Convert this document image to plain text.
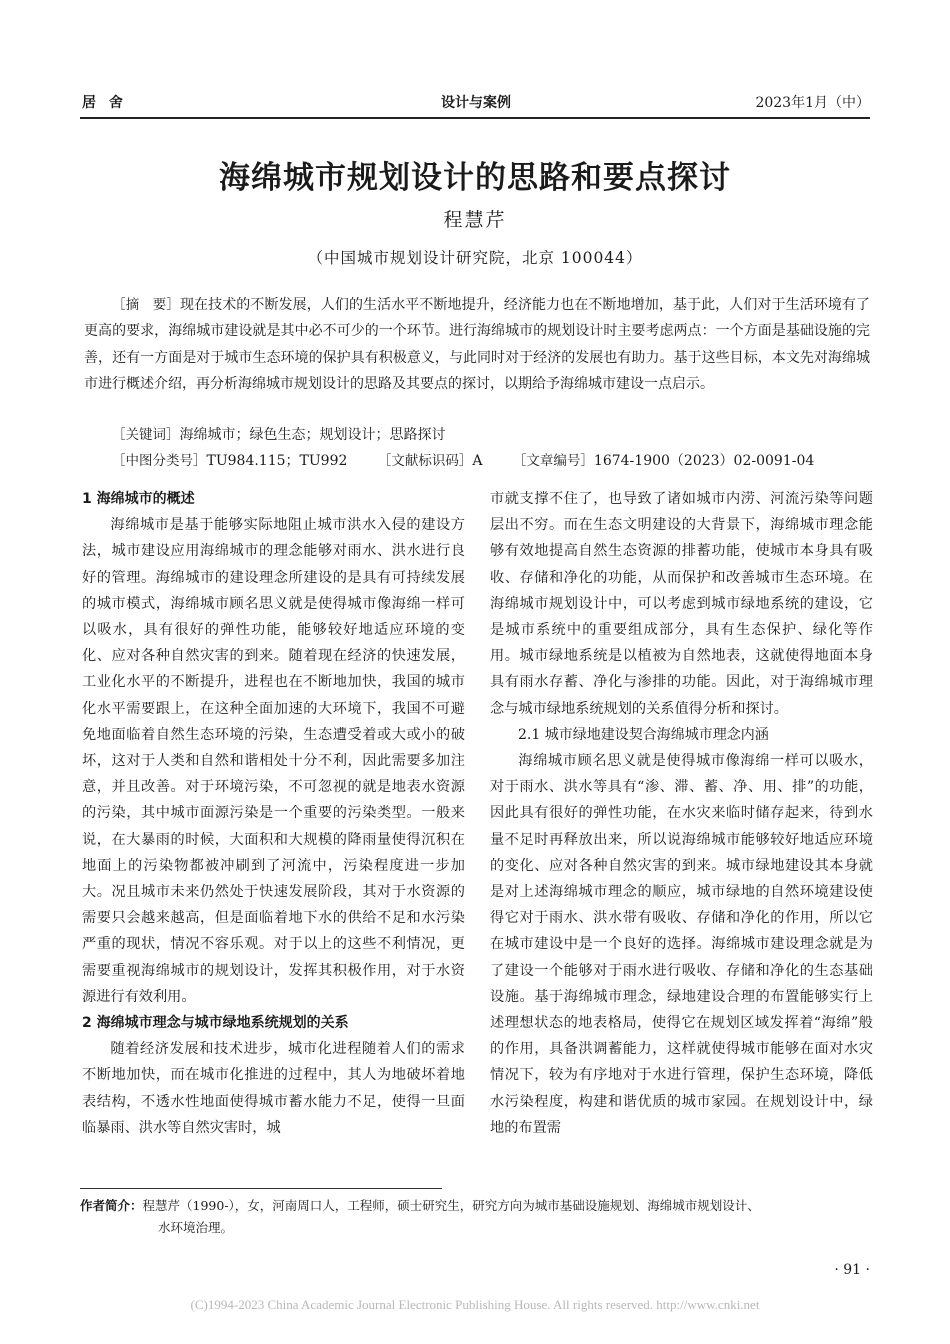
居 舍	设计与案例	2023年1月（中）
海绵城市规划设计的思路和要点探讨
程慧芹
（中国城市规划设计研究院，北京 100044）
［摘　要］现在技术的不断发展，人们的生活水平不断地提升，经济能力也在不断地增加，基于此，人们对于生活环境有了更高的要求，海绵城市建设就是其中必不可少的一个环节。进行海绵城市的规划设计时主要考虑两点：一个方面是基础设施的完善，还有一方面是对于城市生态环境的保护具有积极意义，与此同时对于经济的发展也有助力。基于这些目标，本文先对海绵城市进行概述介绍，再分析海绵城市规划设计的思路及其要点的探讨，以期给予海绵城市建设一点启示。
［关键词］海绵城市；绿色生态；规划设计；思路探讨
［中图分类号］TU984.115；TU992 ［文献标识码］A ［文章编号］1674-1900（2023）02-0091-04
1 海绵城市的概述

海绵城市是基于能够实际地阻止城市洪水入侵的建设方法，城市建设应用海绵城市的理念能够对雨水、洪水进行良好的管理。海绵城市的建设理念所建设的是具有可持续发展的城市模式，海绵城市顾名思义就是使得城市像海绵一样可以吸水，具有很好的弹性功能，能够较好地适应环境的变化、应对各种自然灾害的到来。随着现在经济的快速发展，工业化水平的不断提升，进程也在不断地加快，我国的城市化水平需要跟上，在这种全面加速的大环境下，我国不可避免地面临着自然生态环境的污染，生态遭受着或大或小的破坏，这对于人类和自然和谐相处十分不利，因此需要多加注意，并且改善。对于环境污染，不可忽视的就是地表水资源的污染，其中城市面源污染是一个重要的污染类型。一般来说，在大暴雨的时候，大面积和大规模的降雨量使得沉积在地面上的污染物都被冲刷到了河流中，污染程度进一步加大。况且城市未来仍然处于快速发展阶段，其对于水资源的需要只会越来越高，但是面临着地下水的供给不足和水污染严重的现状，情况不容乐观。对于以上的这些不利情况，更需要重视海绵城市的规划设计，发挥其积极作用，对于水资源进行有效利用。

2 海绵城市理念与城市绿地系统规划的关系

随着经济发展和技术进步，城市化进程随着人们的需求不断地加快，而在城市化推进的过程中，其人为地破坏着地表结构，不透水性地面使得城市蓄水能力不足，使得一旦面临暴雨、洪水等自然灾害时，城

市就支撑不住了，也导致了诸如城市内涝、河流污染等问题层出不穷。而在生态文明建设的大背景下，海绵城市理念能够有效地提高自然生态资源的排蓄功能，使城市本身具有吸收、存储和净化的功能，从而保护和改善城市生态环境。在海绵城市规划设计中，可以考虑到城市绿地系统的建设，它是城市系统中的重要组成部分，具有生态保护、绿化等作用。城市绿地系统是以植被为自然地表，这就使得地面本身具有雨水存蓄、净化与渗排的功能。因此，对于海绵城市理念与城市绿地系统规划的关系值得分析和探讨。

2.1 城市绿地建设契合海绵城市理念内涵

海绵城市顾名思义就是使得城市像海绵一样可以吸水，对于雨水、洪水等具有“渗、滞、蓄、净、用、排”的功能，因此具有很好的弹性功能，在水灾来临时储存起来，待到水量不足时再释放出来，所以说海绵城市能够较好地适应环境的变化、应对各种自然灾害的到来。城市绿地建设其本身就是对上述海绵城市理念的顺应，城市绿地的自然环境建设使得它对于雨水、洪水带有吸收、存储和净化的作用，所以它在城市建设中是一个良好的选择。海绵城市建设理念就是为了建设一个能够对于雨水进行吸收、存储和净化的生态基础设施。基于海绵城市理念，绿地建设合理的布置能够实行上述理想状态的地表格局，使得它在规划区域发挥着“海绵”般的作用，具备洪调蓄能力，这样就使得城市能够在面对水灾情况下，较为有序地对于水进行管理，保护生态环境，降低水污染程度，构建和谐优质的城市家园。在规划设计中，绿地的布置需

作者简介：程慧芹（1990-），女，河南周口人，工程师，硕士研究生，研究方向为城市基础设施规划、海绵城市规划设计、
水环境治理。
· 91 ·
(C)1994-2023 China Academic Journal Electronic Publishing House. All rights reserved. http://www.cnki.net
